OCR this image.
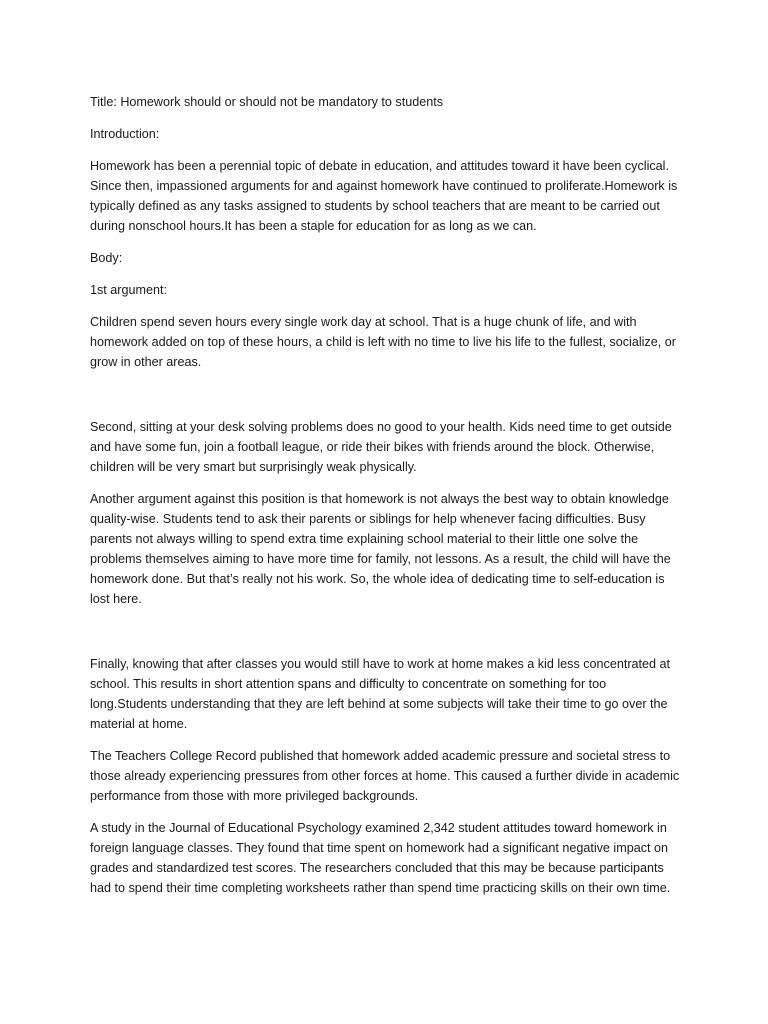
Title: Homework should or should not be mandatory to students

Introduction:

Homework has been a perennial topic of debate in education, and attitudes toward it have been cyclical. Since then, impassioned arguments for and against homework have continued to proliferate.Homework is typically defined as any tasks assigned to students by school teachers that are meant to be carried out during nonschool hours.It has been a staple for education for as long as we can.

Body:

1st argument:

Children spend seven hours every single work day at school. That is a huge chunk of life, and with homework added on top of these hours, a child is left with no time to live his life to the fullest, socialize, or grow in other areas.

Second, sitting at your desk solving problems does no good to your health. Kids need time to get outside and have some fun, join a football league, or ride their bikes with friends around the block. Otherwise, children will be very smart but surprisingly weak physically.

Another argument against this position is that homework is not always the best way to obtain knowledge quality-wise. Students tend to ask their parents or siblings for help whenever facing difficulties. Busy parents not always willing to spend extra time explaining school material to their little one solve the problems themselves aiming to have more time for family, not lessons. As a result, the child will have the homework done. But that’s really not his work. So, the whole idea of dedicating time to self-education is lost here.

Finally, knowing that after classes you would still have to work at home makes a kid less concentrated at school. This results in short attention spans and difficulty to concentrate on something for too long.Students understanding that they are left behind at some subjects will take their time to go over the material at home.

The Teachers College Record published that homework added academic pressure and societal stress to those already experiencing pressures from other forces at home. This caused a further divide in academic performance from those with more privileged backgrounds.

A study in the Journal of Educational Psychology examined 2,342 student attitudes toward homework in foreign language classes. They found that time spent on homework had a significant negative impact on grades and standardized test scores. The researchers concluded that this may be because participants had to spend their time completing worksheets rather than spend time practicing skills on their own time.
